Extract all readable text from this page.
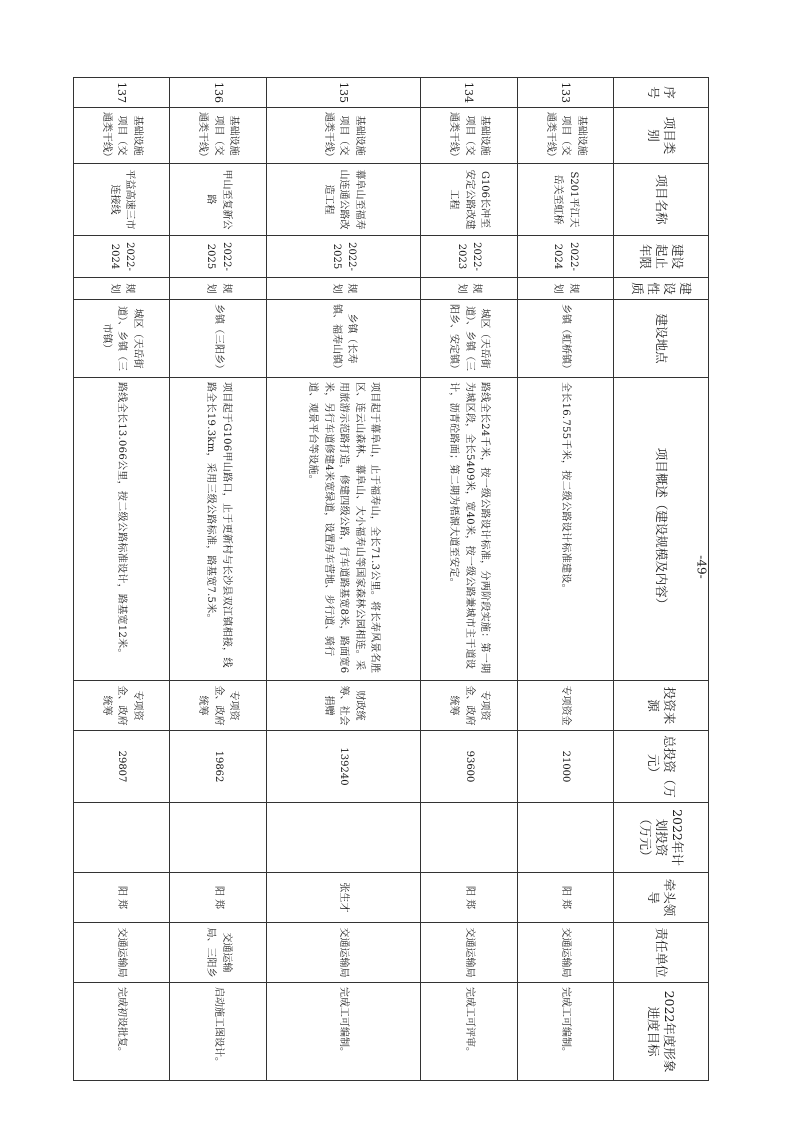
序号	项目类别	项目名称	建设起止年限	建设性质	建设地点	项目概述（建设规模及内容）	投资来源	总投资（万元）	2022年计划投资（万元）	牵头领导	责任单位	2022年度形象进度目标
133	基础设施项目（交通类干线）	S201平江天岳关至虹桥	2022-2024	规划	乡镇（虹桥镇）	全长16.755千米，按二级公路设计标准建设。	专项资金	21000		阳 郑	交通运输局	完成工可编制。
134	基础设施项目（交通类干线）	G106长冲至安定公路改建工程	2022-2023	规划	城区（天岳街道）、乡镇（三阳乡、安定镇）	路线全长24千米，按一级公路设计标准，分两阶段实施：第一期为城区段，全长5409米，宽40米，按一级公路兼城市主干道设计，沥青砼路面；第二期为梧源大道至安定。	专项资金、政府统筹	93600		阳 郑	交通运输局	完成工可评审。
135	基础设施项目（交通类干线）	幕阜山至福寿山连通公路改造工程	2022-2025	规划	乡镇（长寿镇、福寿山镇）	项目起于幕阜山，止于福寿山，全长71.3公里。将长寿风景名胜区、连云山森林、幕阜山、大小福寿山等国家森林公园相连。采用旅游示范路打造，修建四级公路，行车道路基宽8米，路面宽6米，另行车道修建4米宽绿道，设置房车营地、步行道、骑行道、观景平台等设施。	财政统筹、社会捐赠	139240		张生才	交通运输局	完成工可编制。
136	基础设施项目（交通类干线）	甲山至复新公路	2022-2025	规划	乡镇（三阳乡）	项目起于G106甲山路口，止于更新村与长沙县双江镇相接，线路全长19.3km，采用三级公路标准，路基宽7.5米。	专项资金、政府统筹	19862		阳 郑	交通运输局、三阳乡	启动施工图设计。
137	基础设施项目（交通类干线）	平益高速三市连接线	2022-2024	规划	城区（天岳街道）、乡镇（三市镇）	路线全长13.066公里，按二级公路标准设计，路基宽12米。	专项资金、政府统筹	29807		阳 郑	交通运输局	完成初设批复。
-49-
